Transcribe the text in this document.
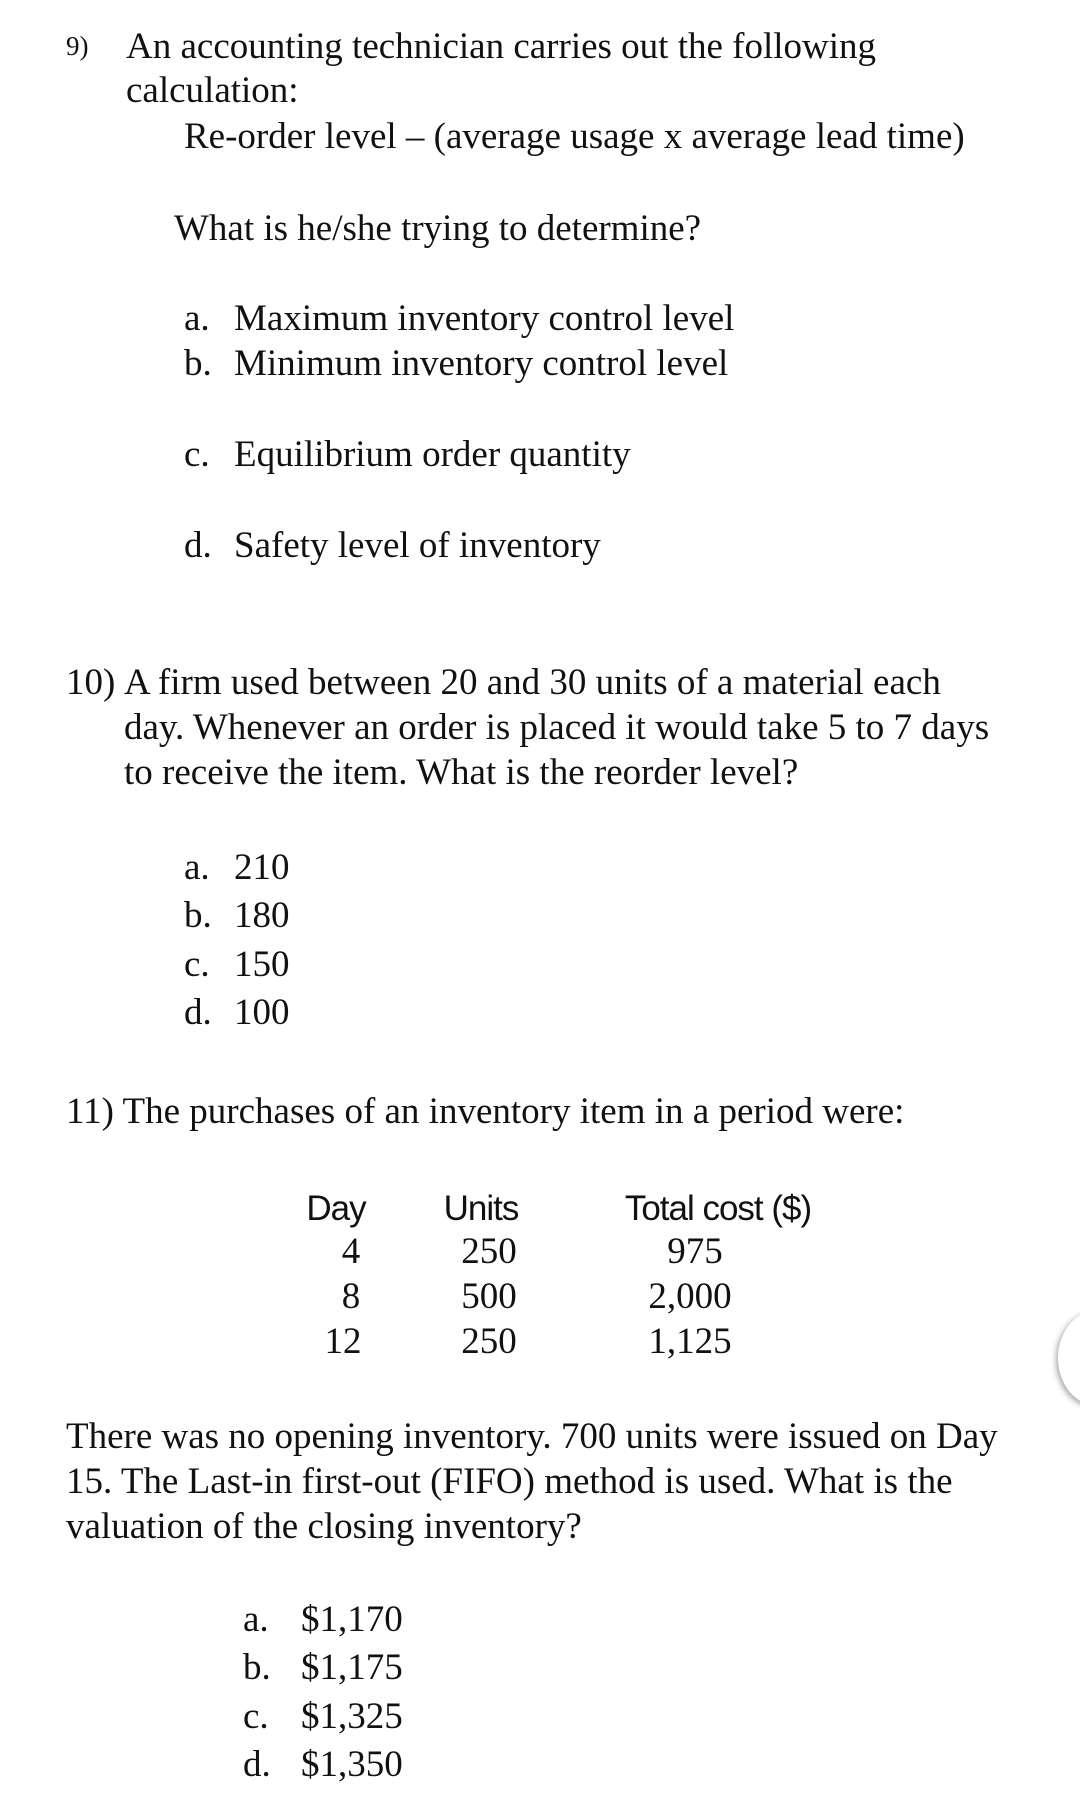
9) An accounting technician carries out the following
calculation:
Re-order level – (average usage x average lead time)
What is he/she trying to determine?
a. Maximum inventory control level
b. Minimum inventory control level
c. Equilibrium order quantity
d. Safety level of inventory
10) A firm used between 20 and 30 units of a material each
day. Whenever an order is placed it would take 5 to 7 days
to receive the item. What is the reorder level?
a. 210
b. 180
c. 150
d. 100
11) The purchases of an inventory item in a period were:
Day	Units	Total cost ($)
4	250	975
8	500	2,000
12	250	1,125
There was no opening inventory. 700 units were issued on Day
15. The Last-in first-out (FIFO) method is used. What is the
valuation of the closing inventory?
a. $1,170
b. $1,175
c. $1,325
d. $1,350
